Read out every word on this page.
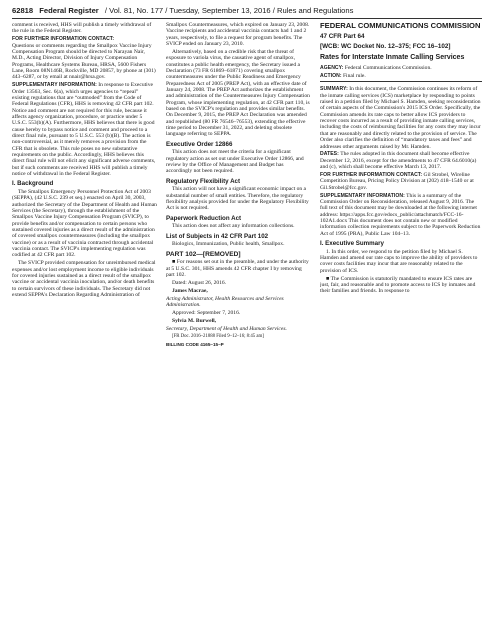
62818 Federal Register / Vol. 81, No. 177 / Tuesday, September 13, 2016 / Rules and Regulations

comment is received, HHS will publish a timely withdrawal of the rule in the Federal Register.

FOR FURTHER INFORMATION CONTACT:
Questions or comments regarding the Smallpox Vaccine Injury Compensation Program should be directed to Narayan Nair, M.D., Acting Director, Division of Injury Compensation Programs, Healthcare Systems Bureau, HRSA, 5600 Fishers Lane, Room 08N146B, Rockville, MD 20857, by phone at (301) 443–6287, or by email at nnair@hrsa.gov.

SUPPLEMENTARY INFORMATION: In response to Executive Order 13563, Sec. 6(a), which urges agencies to “repeal” existing regulations that are “outmoded” from the Code of Federal Regulations (CFR), HHS is removing 42 CFR part 102. Notice and comment are not required for this rule, because it affects agency organization, procedure, or practice under 5 U.S.C. 553(b)(A). Furthermore, HHS believes that there is good cause hereby to bypass notice and comment and proceed to a direct final rule, pursuant to 5 U.S.C. 553 (b)(B). The action is non-controversial, as it merely removes a provision from the CFR that is obsolete. This rule poses no new substantive requirements on the public. Accordingly, HHS believes this direct final rule will not elicit any significant adverse comments, but if such comments are received HHS will publish a timely notice of withdrawal in the Federal Register.

I. Background

The Smallpox Emergency Personnel Protection Act of 2003 (SEPPA), (42 U.S.C. 239 et seq.) enacted on April 30, 2003, authorized the Secretary of the Department of Health and Human Services (the Secretary), through the establishment of the Smallpox Vaccine Injury Compensation Program (SVICP), to provide benefits and/or compensation to certain persons who sustained covered injuries as a direct result of the administration of covered smallpox countermeasures (including the smallpox vaccine) or as a result of vaccinia contracted through accidental vaccinia contact. The SVICP's implementing regulation was codified at 42 CFR part 102.

The SVICP provided compensation for unreimbursed medical expenses and/or lost employment income to eligible individuals for covered injuries sustained as a direct result of the smallpox vaccine or accidental vaccinia inoculation, and/or death benefits to certain survivors of these individuals. The Secretary did not extend SEPPA's Declaration Regarding Administration of

Smallpox Countermeasures, which expired on January 23, 2008. Vaccine recipients and accidental vaccinia contacts had 1 and 2 years, respectively, to file a request for program benefits. The SVICP ended on January 23, 2010.

Alternatively, based on a credible risk that the threat of exposure to variola virus, the causative agent of smallpox, constitutes a public health emergency, the Secretary issued a Declaration (73 FR 61869–61871) covering smallpox countermeasures under the Public Readiness and Emergency Preparedness Act of 2005 (PREP Act), with an effective date of January 24, 2008. The PREP Act authorizes the establishment and administration of the Countermeasures Injury Compensation Program, whose implementing regulation, at 42 CFR part 110, is based on the SVICP's regulation and provides similar benefits. On December 9, 2015, the PREP Act Declaration was amended and republished (80 FR 76546–76553), extending the effective time period to December 31, 2022, and deleting obsolete language referring to SEPPA.

Executive Order 12866

This action does not meet the criteria for a significant regulatory action as set out under Executive Order 12866, and review by the Office of Management and Budget has accordingly not been required.

Regulatory Flexibility Act

This action will not have a significant economic impact on a substantial number of small entities. Therefore, the regulatory flexibility analysis provided for under the Regulatory Flexibility Act is not required.

Paperwork Reduction Act

This action does not affect any information collections.

List of Subjects in 42 CFR Part 102

Biologics, Immunization, Public health, Smallpox.

PART 102—[REMOVED]

■ For reasons set out in the preamble, and under the authority at 5 U.S.C. 301, HHS amends 42 CFR chapter I by removing part 102.

Dated: August 26, 2016.

James Macrae,

Acting Administrator, Health Resources and Services Administration.

Approved: September 7, 2016.

Sylvia M. Burwell,

Secretary, Department of Health and Human Services.

[FR Doc. 2016–21888 Filed 9–12–16; 8:45 am]

BILLING CODE 4165–15–P

FEDERAL COMMUNICATIONS COMMISSION
47 CFR Part 64
[WCB: WC Docket No. 12–375; FCC 16–102]
Rates for Interstate Inmate Calling Services

AGENCY: Federal Communications Commission.

ACTION: Final rule.

SUMMARY: In this document, the Commission continues its reform of the inmate calling services (ICS) marketplace by responding to points raised in a petition filed by Michael S. Hamden, seeking reconsideration of certain aspects of the Commission's 2015 ICS Order. Specifically, the Commission amends its rate caps to better allow ICS providers to recover costs incurred as a result of providing inmate calling services, including the costs of reimbursing facilities for any costs they may incur that are reasonably and directly related to the provision of service. The Order also clarifies the definition of “mandatory taxes and fees” and addresses other arguments raised by Mr. Hamden.

DATES: The rules adopted in this document shall become effective December 12, 2016, except for the amendments to 47 CFR 64.6010(a) and (c), which shall become effective March 13, 2017.

FOR FURTHER INFORMATION CONTACT: Gil Strobel, Wireline Competition Bureau, Pricing Policy Division at (202) 418–1540 or at Gil.Strobel@fcc.gov.

SUPPLEMENTARY INFORMATION: This is a summary of the Commission Order on Reconsideration, released August 9, 2016. The full text of this document may be downloaded at the following internet address: https://apps.fcc.gov/edocs_public/attachmatch/FCC-16-102A1.docx This document does not contain new or modified information collection requirements subject to the Paperwork Reduction Act of 1995 (PRA), Public Law 104–13.

I. Executive Summary

1. In this order, we respond to the petition filed by Michael S. Hamden and amend our rate caps to improve the ability of providers to cover costs facilities may incur that are reasonably related to the provision of ICS.

■ The Commission is statutorily mandated to ensure ICS rates are just, fair, and reasonable and to promote access to ICS by inmates and their families and friends. In response to
